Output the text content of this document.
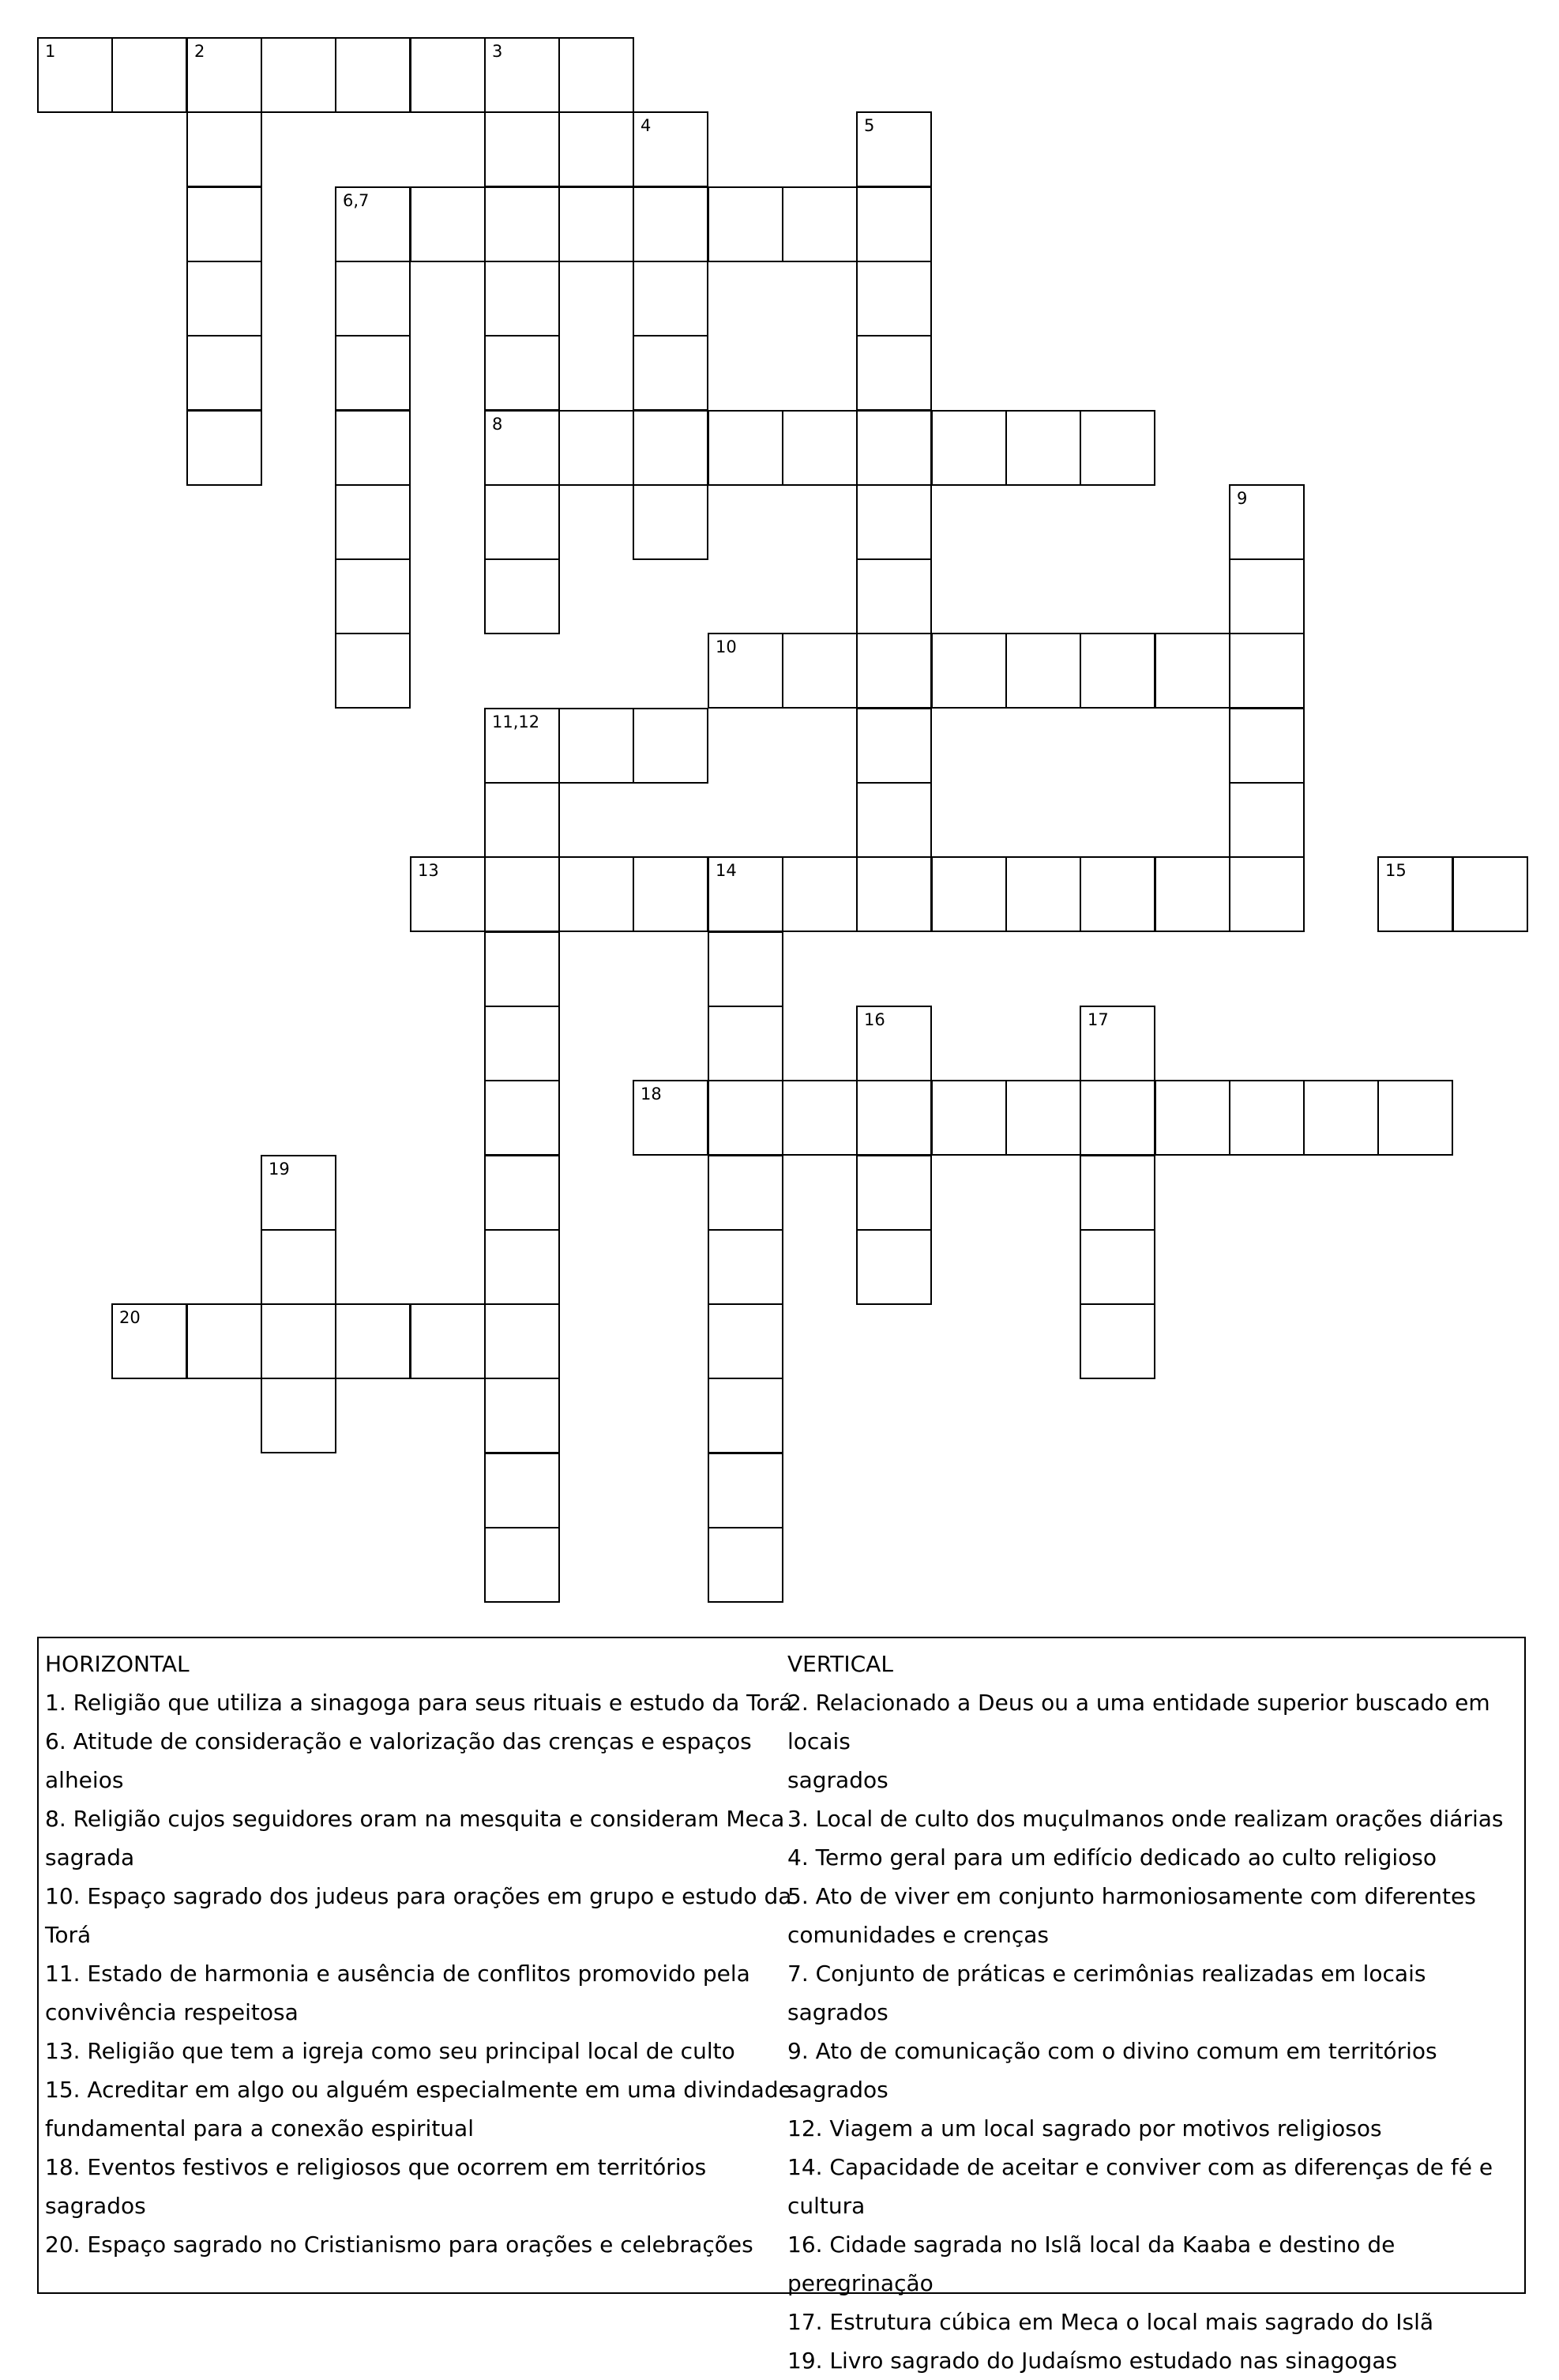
1	2	3
4	5
6,7
8
9
10
11,12
13	14	15
16	17
18
19
20
HORIZONTAL
1. Religião que utiliza a sinagoga para seus rituais e estudo da Torá
6. Atitude de consideração e valorização das crenças e espaços
alheios
8. Religião cujos seguidores oram na mesquita e consideram Meca
sagrada
10. Espaço sagrado dos judeus para orações em grupo e estudo da
Torá
11. Estado de harmonia e ausência de conflitos promovido pela
convivência respeitosa
13. Religião que tem a igreja como seu principal local de culto
15. Acreditar em algo ou alguém especialmente em uma divindade
fundamental para a conexão espiritual
18. Eventos festivos e religiosos que ocorrem em territórios
sagrados
20. Espaço sagrado no Cristianismo para orações e celebrações
VERTICAL
2. Relacionado a Deus ou a uma entidade superior buscado em locais
sagrados
3. Local de culto dos muçulmanos onde realizam orações diárias
4. Termo geral para um edifício dedicado ao culto religioso
5. Ato de viver em conjunto harmoniosamente com diferentes
comunidades e crenças
7. Conjunto de práticas e cerimônias realizadas em locais sagrados
9. Ato de comunicação com o divino comum em territórios sagrados
12. Viagem a um local sagrado por motivos religiosos
14. Capacidade de aceitar e conviver com as diferenças de fé e
cultura
16. Cidade sagrada no Islã local da Kaaba e destino de peregrinação
17. Estrutura cúbica em Meca o local mais sagrado do Islã
19. Livro sagrado do Judaísmo estudado nas sinagogas
